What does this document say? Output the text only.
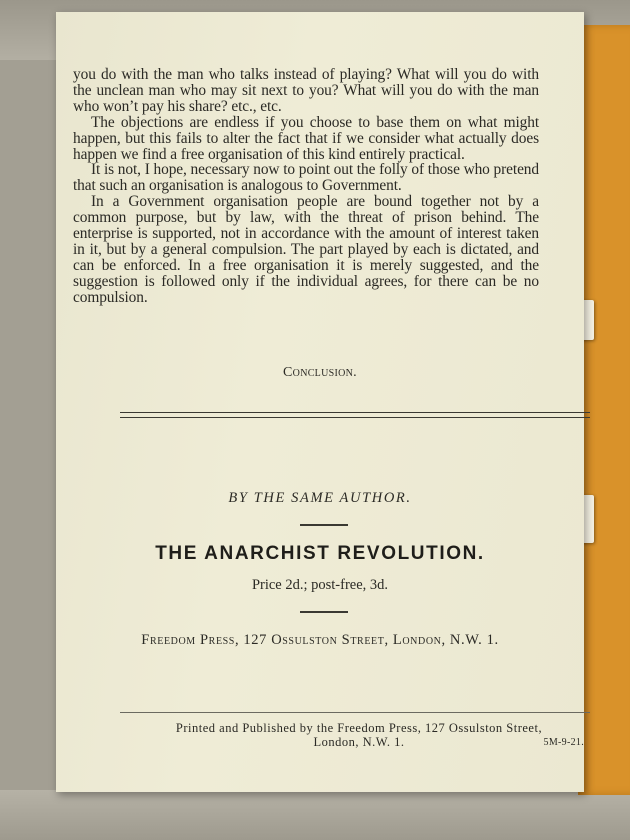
you do with the man who talks instead of playing? What will you do with the unclean man who may sit next to you? What will you do with the man who won’t pay his share? etc., etc.

The objections are endless if you choose to base them on what might happen, but this fails to alter the fact that if we consider what actually does happen we find a free organisation of this kind entirely practical.

It is not, I hope, necessary now to point out the folly of those who pretend that such an organisation is analogous to Government.

In a Government organisation people are bound together not by a common purpose, but by law, with the threat of prison behind. The enterprise is supported, not in accordance with the amount of interest taken in it, but by a general compulsion. The part played by each is dictated, and can be enforced. In a free organisation it is merely suggested, and the suggestion is followed only if the individual agrees, for there can be no compulsion.

Conclusion.
BY THE SAME AUTHOR.
THE ANARCHIST REVOLUTION.
Price 2d.; post-free, 3d.
Freedom Press, 127 Ossulston Street, London, N.W. 1.
Printed and Published by the Freedom Press, 127 Ossulston Street,
London, N.W. 1.	5M-9-21.
